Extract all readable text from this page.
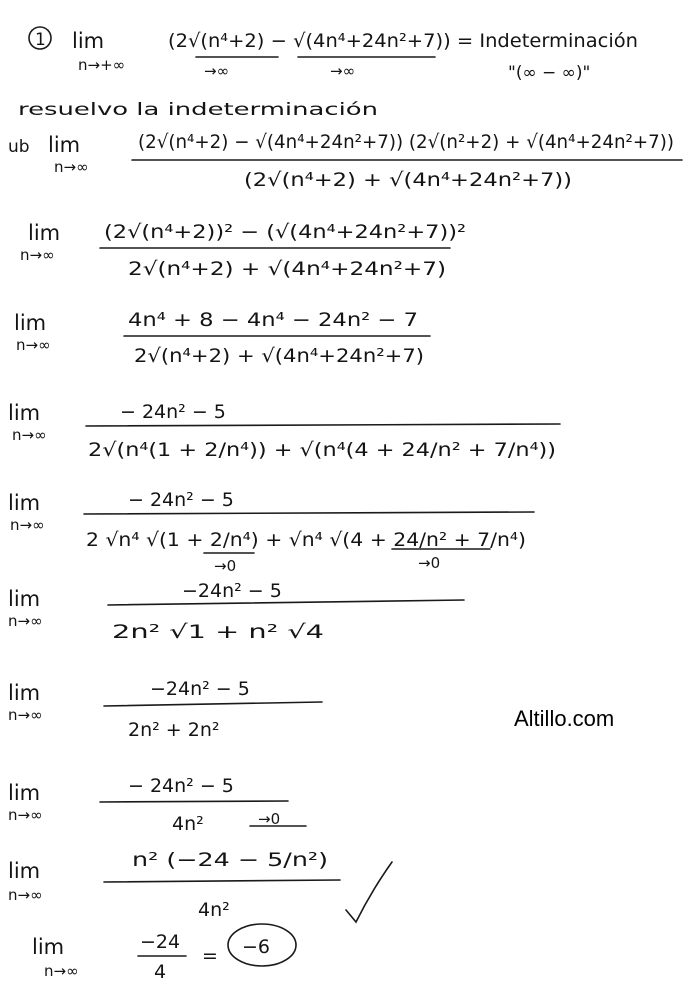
1 lim
n→+∞
(2√(n⁴+2) − √(4n⁴+24n²+7)) = Indeterminación
→∞	→∞	"(∞ − ∞)"
resuelvo la indeterminación
ub lim
n→∞
(2√(n⁴+2) − √(4n⁴+24n²+7)) (2√(n²+2) + √(4n⁴+24n²+7))
(2√(n⁴+2) + √(4n⁴+24n²+7))
lim
n→∞
(2√(n⁴+2))² − (√(4n⁴+24n²+7))²
2√(n⁴+2) + √(4n⁴+24n²+7)
lim
n→∞
4n⁴ + 8 − 4n⁴ − 24n² − 7
2√(n⁴+2) + √(4n⁴+24n²+7)
lim
n→∞
− 24n² − 5
2√(n⁴(1 + 2/n⁴)) + √(n⁴(4 + 24/n² + 7/n⁴))
lim
n→∞
− 24n² − 5
2 √n⁴ √(1 + 2/n⁴) + √n⁴ √(4 + 24/n² + 7/n⁴)
→0	→0
lim
n→∞
−24n² − 5
2n² √1 + n² √4
lim
n→∞
−24n² − 5
2n² + 2n²
lim
n→∞
− 24n² − 5
4n²	→0
lim
n→∞
n² (−24 − 5/n²)
4n²
lim
n→∞
−24
4
= −6
Altillo.com
